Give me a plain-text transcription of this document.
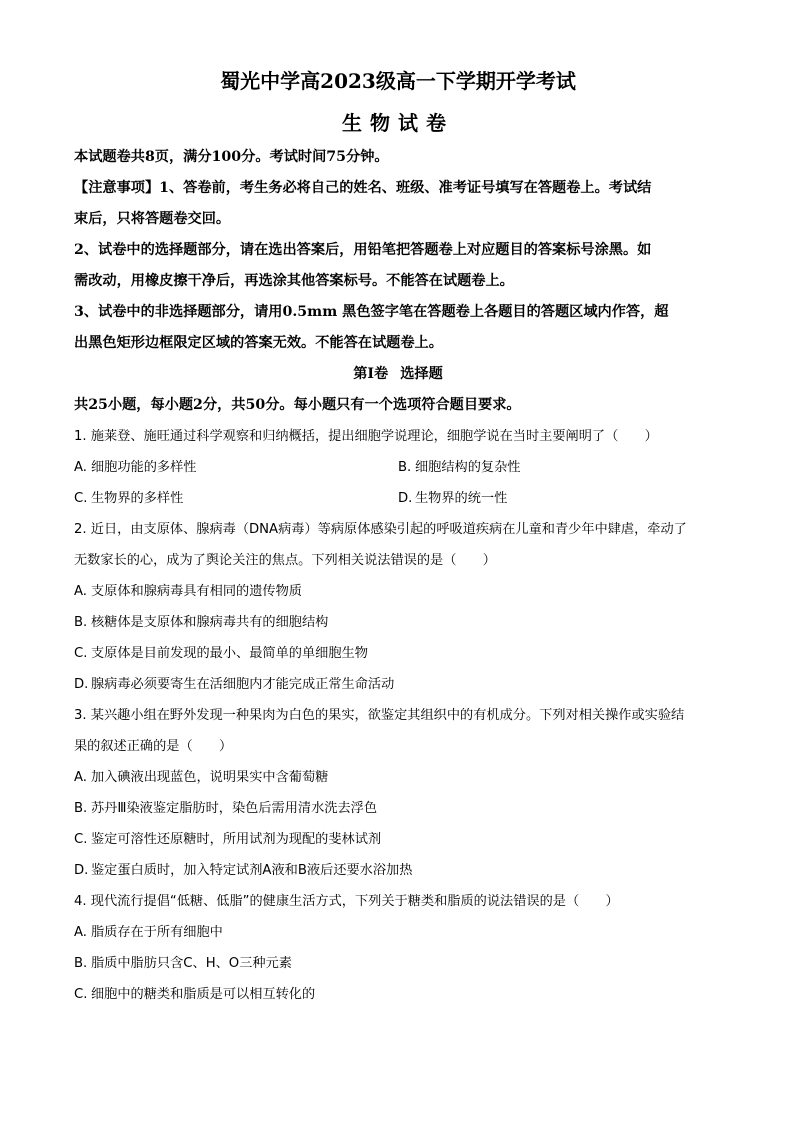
蜀光中学高2023级高一下学期开学考试
生物试卷

本试题卷共8页，满分100分。考试时间75分钟。

【注意事项】1、答卷前，考生务必将自己的姓名、班级、准考证号填写在答题卷上。考试结

束后，只将答题卷交回。

2、试卷中的选择题部分，请在选出答案后，用铅笔把答题卷上对应题目的答案标号涂黑。如

需改动，用橡皮擦干净后，再选涂其他答案标号。不能答在试题卷上。

3、试卷中的非选择题部分，请用0.5mm 黑色签字笔在答题卷上各题目的答题区域内作答，超

出黑色矩形边框限定区域的答案无效。不能答在试题卷上。

第Ⅰ卷 选择题

共25小题，每小题2分，共50分。每小题只有一个选项符合题目要求。

1. 施莱登、施旺通过科学观察和归纳概括，提出细胞学说理论，细胞学说在当时主要阐明了（　　）

A. 细胞功能的多样性	B. 细胞结构的复杂性
C. 生物界的多样性	D. 生物界的统一性

2. 近日，由支原体、腺病毒（DNA病毒）等病原体感染引起的呼吸道疾病在儿童和青少年中肆虐，牵动了

无数家长的心，成为了舆论关注的焦点。下列相关说法错误的是（　　）

A. 支原体和腺病毒具有相同的遗传物质

B. 核糖体是支原体和腺病毒共有的细胞结构

C. 支原体是目前发现的最小、最简单的单细胞生物

D. 腺病毒必须要寄生在活细胞内才能完成正常生命活动

3. 某兴趣小组在野外发现一种果肉为白色的果实，欲鉴定其组织中的有机成分。下列对相关操作或实验结

果的叙述正确的是（　　）

A. 加入碘液出现蓝色，说明果实中含葡萄糖

B. 苏丹Ⅲ染液鉴定脂肪时，染色后需用清水洗去浮色

C. 鉴定可溶性还原糖时，所用试剂为现配的斐林试剂

D. 鉴定蛋白质时，加入特定试剂A液和B液后还要水浴加热

4. 现代流行提倡“低糖、低脂”的健康生活方式，下列关于糖类和脂质的说法错误的是（　　）

A. 脂质存在于所有细胞中

B. 脂质中脂肪只含C、H、O三种元素

C. 细胞中的糖类和脂质是可以相互转化的
